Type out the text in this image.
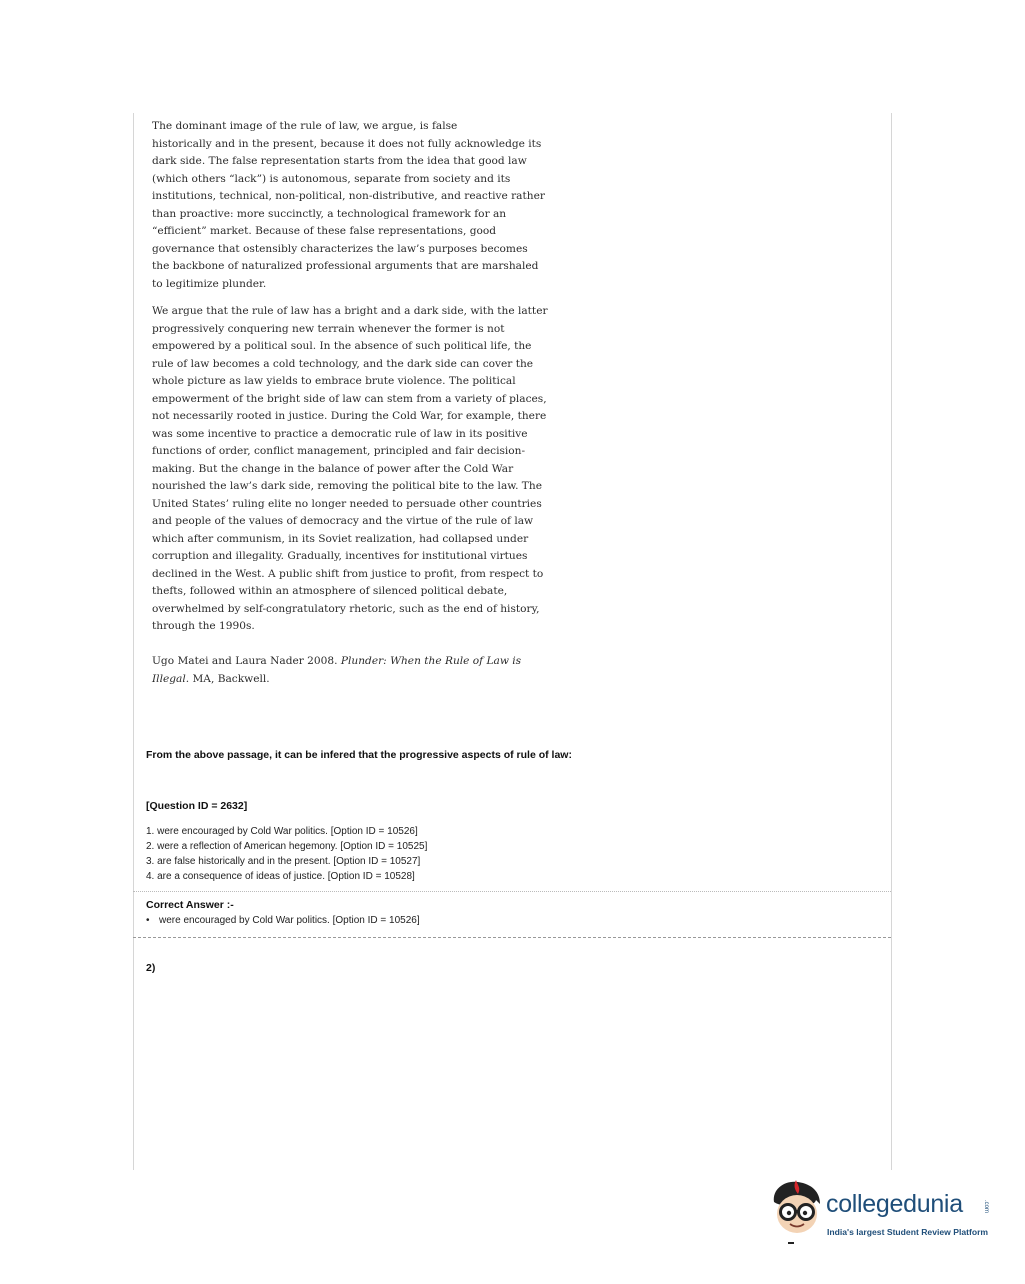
The dominant image of the rule of law, we argue, is false
historically and in the present, because it does not fully acknowledge its
dark side. The false representation starts from the idea that good law
(which others “lack”) is autonomous, separate from society and its
institutions, technical, non-political, non-distributive, and reactive rather
than proactive: more succinctly, a technological framework for an
“efficient” market. Because of these false representations, good
governance that ostensibly characterizes the law’s purposes becomes
the backbone of naturalized professional arguments that are marshaled
to legitimize plunder.

We argue that the rule of law has a bright and a dark side, with the latter
progressively conquering new terrain whenever the former is not
empowered by a political soul. In the absence of such political life, the
rule of law becomes a cold technology, and the dark side can cover the
whole picture as law yields to embrace brute violence. The political
empowerment of the bright side of law can stem from a variety of places,
not necessarily rooted in justice. During the Cold War, for example, there
was some incentive to practice a democratic rule of law in its positive
functions of order, conflict management, principled and fair decision-
making. But the change in the balance of power after the Cold War
nourished the law’s dark side, removing the political bite to the law. The
United States’ ruling elite no longer needed to persuade other countries
and people of the values of democracy and the virtue of the rule of law
which after communism, in its Soviet realization, had collapsed under
corruption and illegality. Gradually, incentives for institutional virtues
declined in the West. A public shift from justice to profit, from respect to
thefts, followed within an atmosphere of silenced political debate,
overwhelmed by self-congratulatory rhetoric, such as the end of history,
through the 1990s.

Ugo Matei and Laura Nader 2008. Plunder: When the Rule of Law is
Illegal. MA, Backwell.
From the above passage, it can be infered that the progressive aspects of rule of law:
[Question ID = 2632]
1. were encouraged by Cold War politics. [Option ID = 10526]
2. were a reflection of American hegemony. [Option ID = 10525]
3. are false historically and in the present. [Option ID = 10527]
4. are a consequence of ideas of justice. [Option ID = 10528]
Correct Answer :-
• were encouraged by Cold War politics. [Option ID = 10526]
2)
collegedunia	.com
India's largest Student Review Platform
